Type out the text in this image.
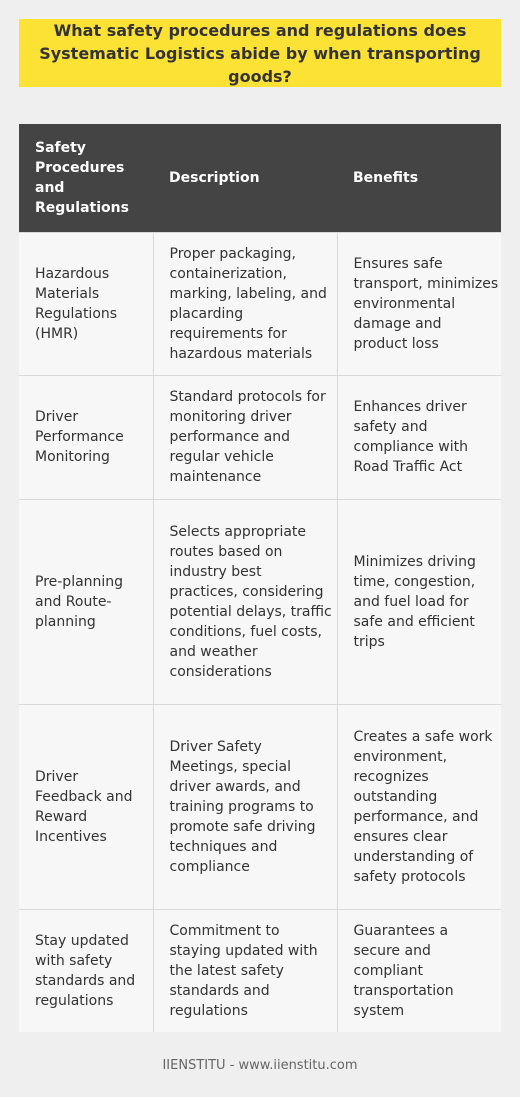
What safety procedures and regulations does Systematic Logistics abide by when transporting goods?
Safety Procedures and Regulations	Description	Benefits
Hazardous Materials Regulations (HMR)	Proper packaging, containerization, marking, labeling, and placarding requirements for hazardous materials	Ensures safe transport, minimizes environmental damage and product loss
Driver Performance Monitoring	Standard protocols for monitoring driver performance and regular vehicle maintenance	Enhances driver safety and compliance with Road Traffic Act
Pre-planning and Route-planning	Selects appropriate routes based on industry best practices, considering potential delays, traffic conditions, fuel costs, and weather considerations	Minimizes driving time, congestion, and fuel load for safe and efficient trips
Driver Feedback and Reward Incentives	Driver Safety Meetings, special driver awards, and training programs to promote safe driving techniques and compliance	Creates a safe work environment, recognizes outstanding performance, and ensures clear understanding of safety protocols
Stay updated with safety standards and regulations	Commitment to staying updated with the latest safety standards and regulations	Guarantees a secure and compliant transportation system
IIENSTITU - www.iienstitu.com
